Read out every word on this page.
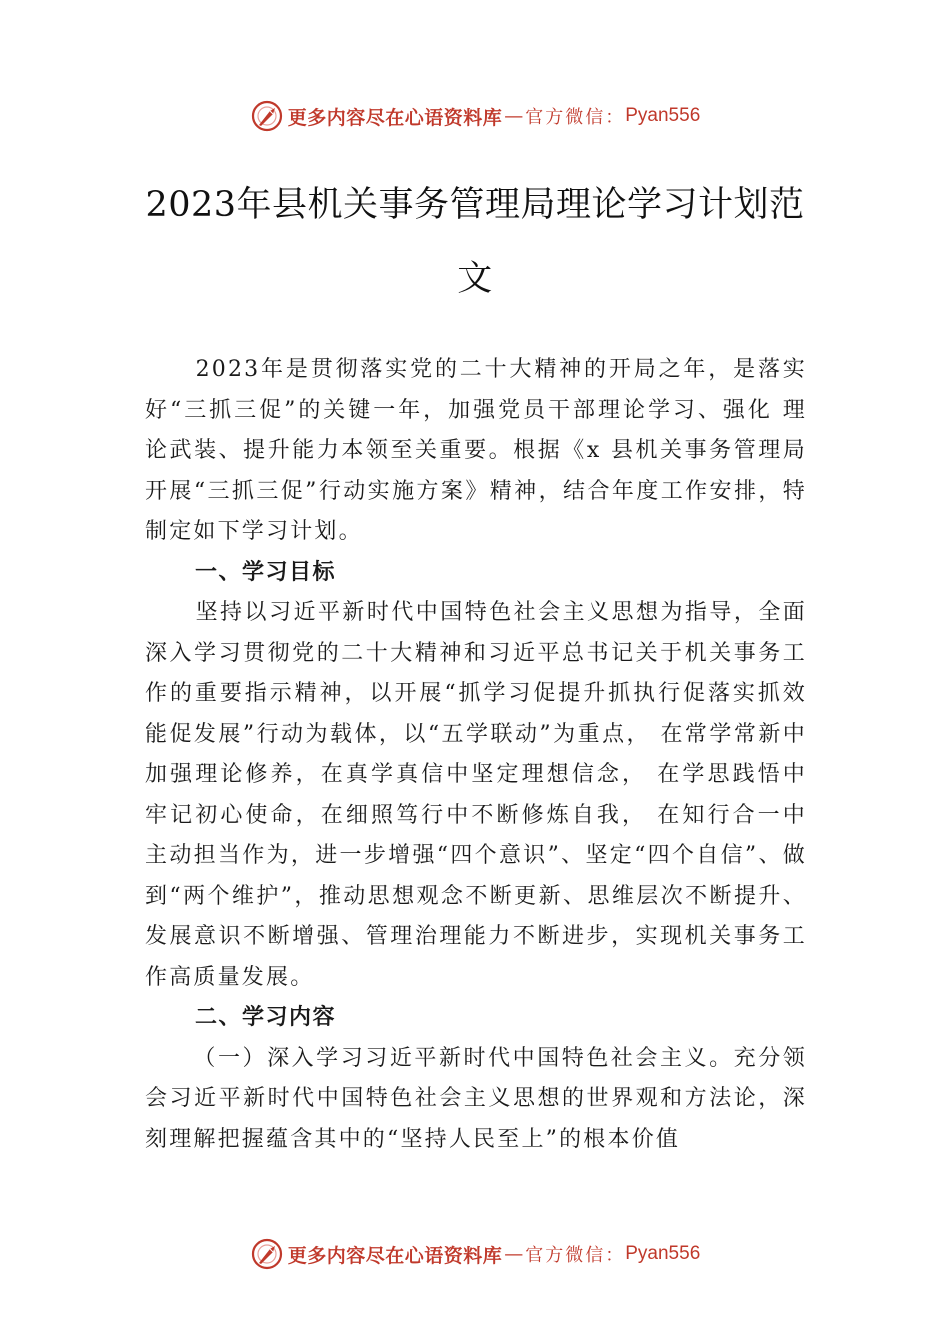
更多内容尽在心语资料库 — 官方微信： Pyan556
2023年县机关事务管理局理论学习计划范文

2023年是贯彻落实党的二十大精神的开局之年，是落实好“三抓三促”的关键一年，加强党员干部理论学习、强化 理论武装、提升能力本领至关重要。根据《x 县机关事务管理局开展“三抓三促”行动实施方案》精神，结合年度工作安排，特制定如下学习计划。

一、学习目标

坚持以习近平新时代中国特色社会主义思想为指导，全面深入学习贯彻党的二十大精神和习近平总书记关于机关事务工作的重要指示精神，以开展“抓学习促提升抓执行促落实抓效能促发展”行动为载体，以“五学联动”为重点， 在常学常新中加强理论修养，在真学真信中坚定理想信念， 在学思践悟中牢记初心使命，在细照笃行中不断修炼自我， 在知行合一中主动担当作为，进一步增强“四个意识”、坚定“四个自信”、做到“两个维护”，推动思想观念不断更新、思维层次不断提升、发展意识不断增强、管理治理能力不断进步，实现机关事务工作高质量发展。

二、学习内容

（一）深入学习习近平新时代中国特色社会主义。充分领会习近平新时代中国特色社会主义思想的世界观和方法论，深刻理解把握蕴含其中的“坚持人民至上”的根本价值

更多内容尽在心语资料库 — 官方微信： Pyan556
